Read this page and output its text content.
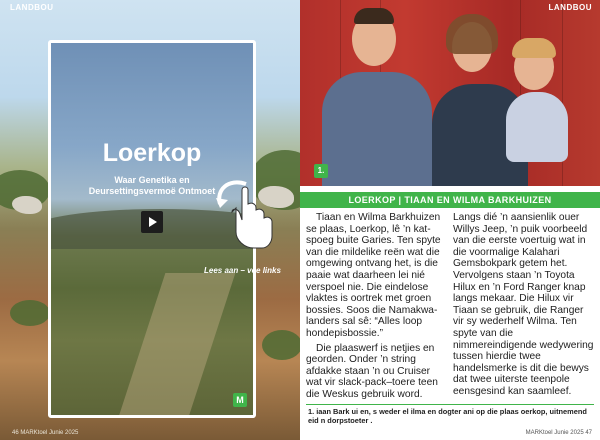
LANDBOU
Loerkop
Waar Genetika en
Deursettingsvermoë Ontmoet
M
Lees aan – vee links
46 MARKtoel Junie 2025
LANDBOU
1.
LOERKOP | TIAAN EN WILMA BARKHUIZEN

Tiaan en Wilma Barkhuizen se plaas, Loerkop, lê ’n kat-spoeg buite Garies. Ten spyte van die mildelike reën wat die omgewing ontvang het, is die paaie wat daarheen lei nié verspoel nie. Die eindelose vlaktes is oortrek met groen bossies. Soos die Namakwa-landers sal sê: “Alles loop hondepisbossie.”

Die plaaswerf is netjies en georden. Onder ’n string afdakke staan ’n ou Cruiser wat vir slack-pack–toere teen die Weskus gebruik word.

Langs dié ’n aansienlik ouer Willys Jeep, ’n puik voorbeeld van die eerste voertuig wat in die voormalige Kalahari Gemsbokpark getem het. Vervolgens staan ’n Toyota Hilux en ’n Ford Ranger knap langs mekaar. Die Hilux vir Tiaan se gebruik, die Ranger vir sy wederhelf Wilma. Ten spyte van die nimmereindigende wedywering tussen hierdie twee handelsmerke is dit die bewys dat twee uiterste teenpole eensgesind kan saamleef.

1. iaan Bark ui en, s weder el ilma en dogter ani op die plaas oerkop, uitnemend eid n dorpstoeter .
MARKtoel Junie 2025 47
